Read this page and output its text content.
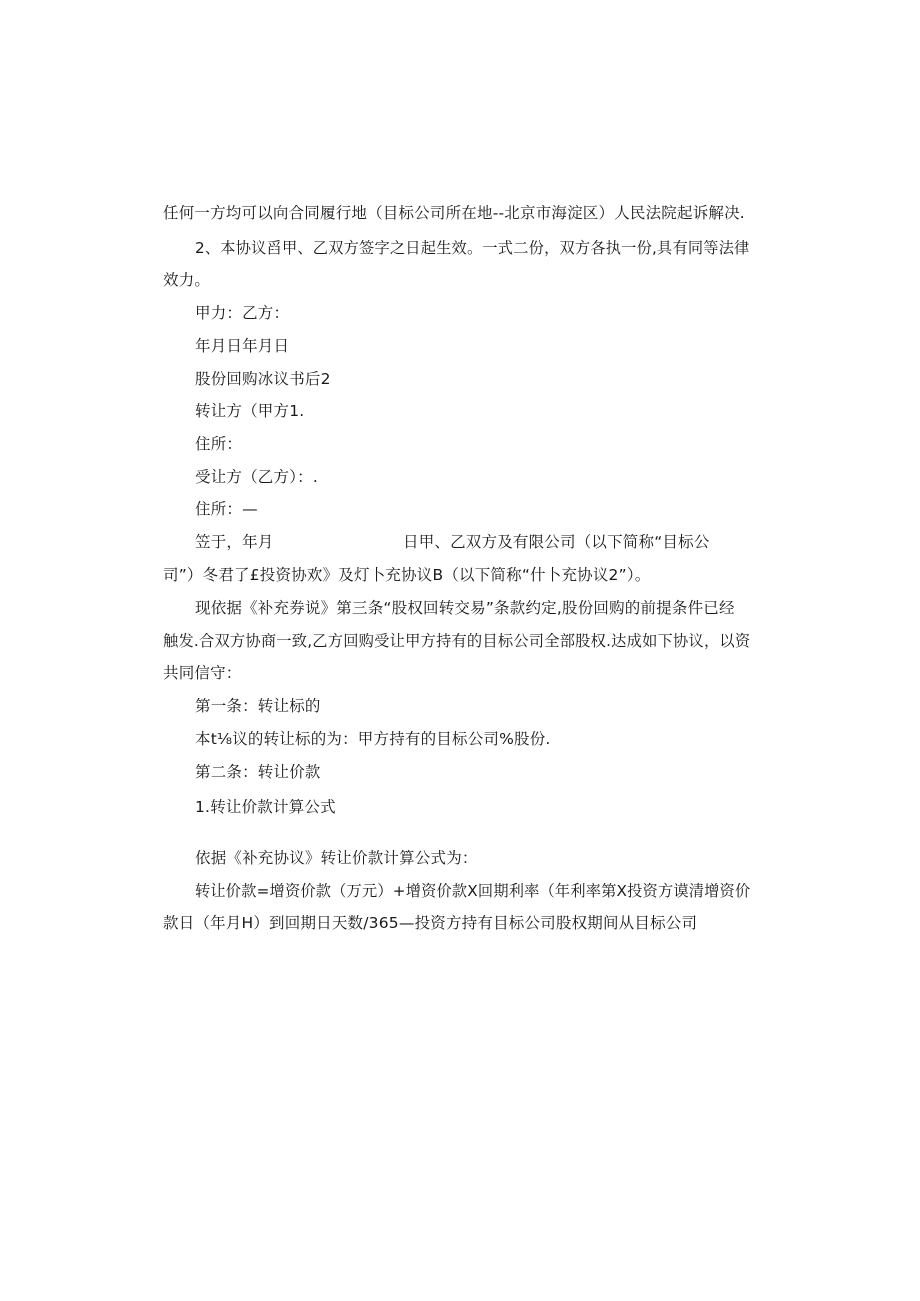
任何一方均可以向合同履行地（目标公司所在地--北京市海淀区）人民法院起诉解决.
2、本协议舀甲、乙双方签字之日起生效。一式二份，双方各执一份,具有同等法律
效力。
甲力：乙方：
年月日年月日
股份回购冰议书后2
转让方（甲方1.
住所：
受让方（乙方）：.
住所：—
笠于，年月	日甲、乙双方及有限公司（以下简称“目标公
司”）冬君了£投资协欢》及灯卜充协议B（以下简称“什卜充协议2”）。
现依据《补充券说》第三条“股权回转交易”条款约定,股份回购的前提条件已经
触发.合双方协商一致,乙方回购受让甲方持有的目标公司全部股权.达成如下协议，以资
共同信守：
第一条：转让标的
本t⅛议的转让标的为：甲方持有的目标公司%股份.
第二条：转让价款
1.转让价款计算公式
依据《补充协议》转让价款计算公式为：
转让价款=增资价款（万元）+增资价款X回期利率（年利率第X投资方谟清增资价
款日（年月H）到回期日天数/365—投资方持有目标公司股权期间从目标公司
